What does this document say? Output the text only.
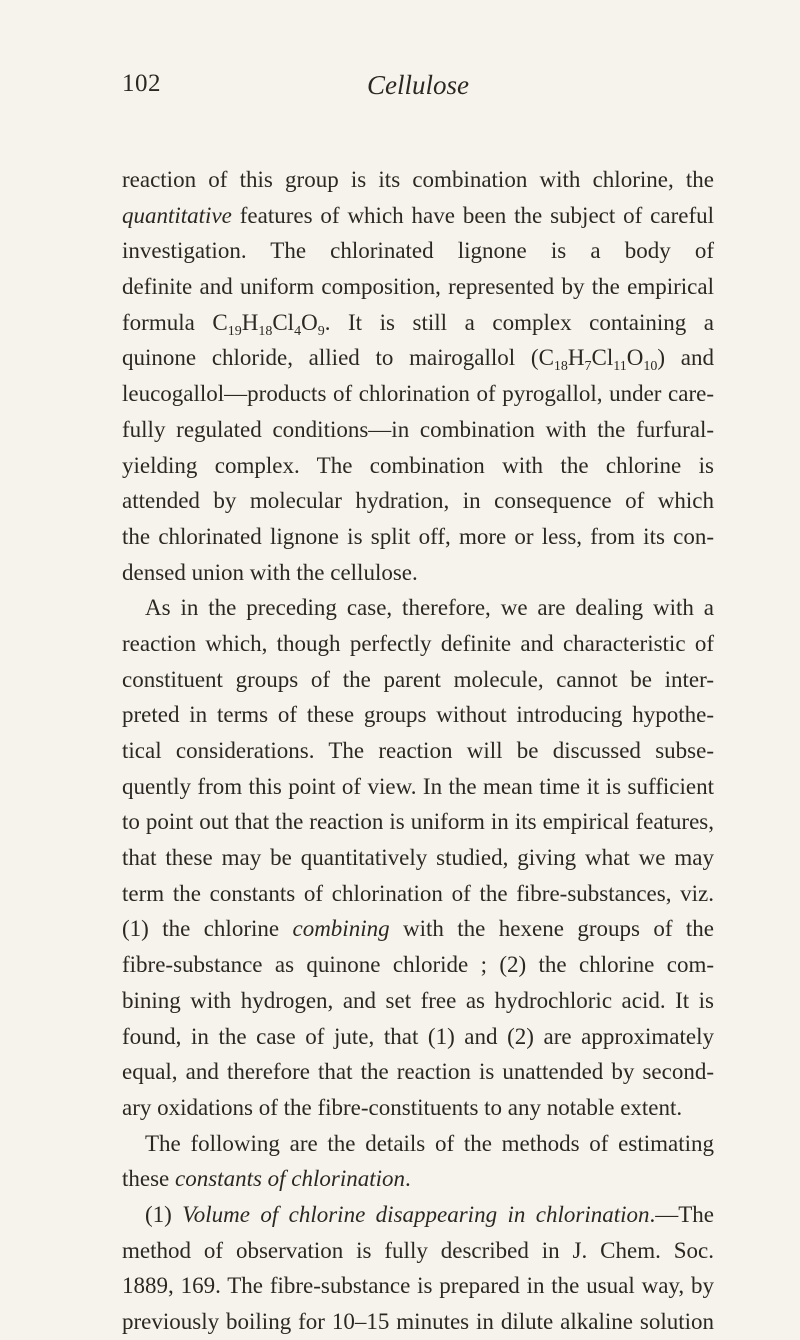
102	Cellulose
reaction of this group is its combination with chlorine, the
quantitative features of which have been the subject of careful
investigation. The chlorinated lignone is a body of
definite and uniform composition, represented by the empirical
formula $C_{19}H_{18}Cl_4O_9$. It is still a complex containing a
quinone chloride, allied to mairogallol $(C_{18}H_7Cl_{11}O_{10})$ and
leucogallol—products of chlorination of pyrogallol, under care-
fully regulated conditions—in combination with the furfural-
yielding complex. The combination with the chlorine is
attended by molecular hydration, in consequence of which
the chlorinated lignone is split off, more or less, from its con-
densed union with the cellulose.
As in the preceding case, therefore, we are dealing with a
reaction which, though perfectly definite and characteristic of
constituent groups of the parent molecule, cannot be inter-
preted in terms of these groups without introducing hypothe-
tical considerations. The reaction will be discussed subse-
quently from this point of view. In the mean time it is sufficient
to point out that the reaction is uniform in its empirical features,
that these may be quantitatively studied, giving what we may
term the constants of chlorination of the fibre-substances, viz.
(1) the chlorine combining with the hexene groups of the
fibre-substance as quinone chloride ; (2) the chlorine com-
bining with hydrogen, and set free as hydrochloric acid. It is
found, in the case of jute, that (1) and (2) are approximately
equal, and therefore that the reaction is unattended by second-
ary oxidations of the fibre-constituents to any notable extent.
The following are the details of the methods of estimating
these constants of chlorination.
(1) Volume of chlorine disappearing in chlorination.—The
method of observation is fully described in J. Chem. Soc.
1889, 169. The fibre-substance is prepared in the usual way, by
previously boiling for 10–15 minutes in dilute alkaline solution
